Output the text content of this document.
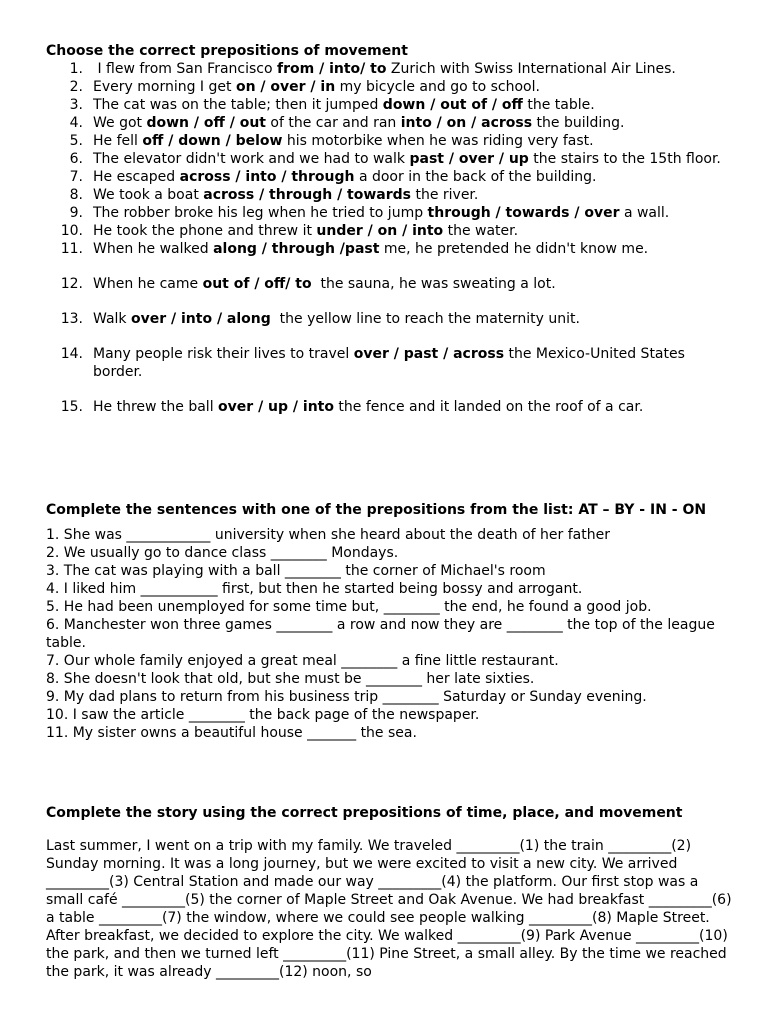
Choose the correct prepositions of movement
1. I flew from San Francisco from / into/ to Zurich with Swiss International Air Lines.
2. Every morning I get on / over / in my bicycle and go to school.
3. The cat was on the table; then it jumped down / out of / off the table.
4. We got down / off / out of the car and ran into / on / across the building.
5. He fell off / down / below his motorbike when he was riding very fast.
6. The elevator didn't work and we had to walk past / over / up the stairs to the 15th floor.
7. He escaped across / into / through a door in the back of the building.
8. We took a boat across / through / towards the river.
9. The robber broke his leg when he tried to jump through / towards / over a wall.
10. He took the phone and threw it under / on / into the water.
11. When he walked along / through /past me, he pretended he didn't know me.
12. When he came out of / off/ to  the sauna, he was sweating a lot.
13. Walk over / into / along  the yellow line to reach the maternity unit.
14. Many people risk their lives to travel over / past / across the Mexico-United States border.
15. He threw the ball over / up / into the fence and it landed on the roof of a car.
Complete the sentences with one of the prepositions from the list: AT – BY - IN - ON
1. She was ____________ university when she heard about the death of her father
2. We usually go to dance class ________ Mondays.
3. The cat was playing with a ball ________ the corner of Michael's room
4. I liked him ___________ first, but then he started being bossy and arrogant.
5. He had been unemployed for some time but, ________ the end, he found a good job.
6. Manchester won three games ________ a row and now they are ________ the top of the league table.
7. Our whole family enjoyed a great meal ________ a fine little restaurant.
8. She doesn't look that old, but she must be ________ her late sixties.
9. My dad plans to return from his business trip ________ Saturday or Sunday evening.
10. I saw the article ________ the back page of the newspaper.
11. My sister owns a beautiful house _______ the sea.
Complete the story using the correct prepositions of time, place, and movement
Last summer, I went on a trip with my family. We traveled _________(1) the train _________(2) Sunday morning. It was a long journey, but we were excited to visit a new city. We arrived _________(3) Central Station and made our way _________(4) the platform. Our first stop was a small café _________(5) the corner of Maple Street and Oak Avenue. We had breakfast _________(6) a table _________(7) the window, where we could see people walking _________(8) Maple Street. After breakfast, we decided to explore the city. We walked _________(9) Park Avenue _________(10) the park, and then we turned left _________(11) Pine Street, a small alley. By the time we reached the park, it was already _________(12) noon, so
